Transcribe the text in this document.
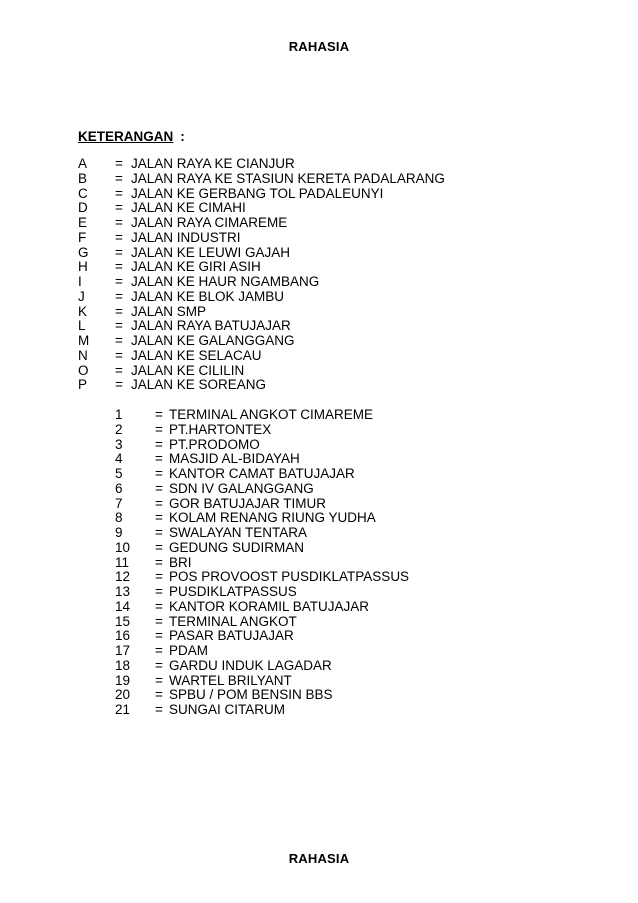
RAHASIA
KETERANGAN :
A = JALAN RAYA KE CIANJUR
B = JALAN RAYA KE STASIUN KERETA PADALARANG
C = JALAN KE GERBANG TOL PADALEUNYI
D = JALAN KE CIMAHI
E = JALAN RAYA CIMAREME
F = JALAN INDUSTRI
G = JALAN KE LEUWI GAJAH
H = JALAN KE GIRI ASIH
I = JALAN KE HAUR NGAMBANG
J = JALAN KE BLOK JAMBU
K = JALAN SMP
L = JALAN RAYA BATUJAJAR
M = JALAN KE GALANGGANG
N = JALAN KE SELACAU
O = JALAN KE CILILIN
P = JALAN KE SOREANG
1 = TERMINAL ANGKOT CIMAREME
2 = PT.HARTONTEX
3 = PT.PRODOMO
4 = MASJID AL-BIDAYAH
5 = KANTOR CAMAT BATUJAJAR
6 = SDN IV GALANGGANG
7 = GOR BATUJAJAR TIMUR
8 = KOLAM RENANG RIUNG YUDHA
9 = SWALAYAN TENTARA
10 = GEDUNG SUDIRMAN
11 = BRI
12 = POS PROVOOST PUSDIKLATPASSUS
13 = PUSDIKLATPASSUS
14 = KANTOR KORAMIL BATUJAJAR
15 = TERMINAL ANGKOT
16 = PASAR BATUJAJAR
17 = PDAM
18 = GARDU INDUK LAGADAR
19 = WARTEL BRILYANT
20 = SPBU / POM BENSIN BBS
21 = SUNGAI CITARUM
RAHASIA
